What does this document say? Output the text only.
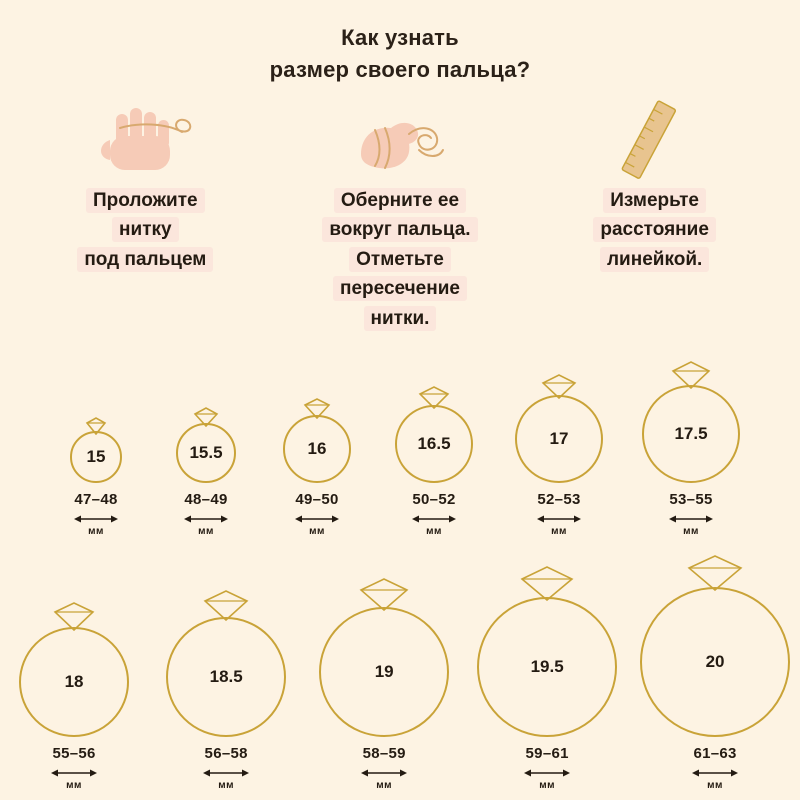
Как узнать
размер своего пальца?
Проложите
нитку
под пальцем
Оберните ее
вокруг пальца.
Отметьте
пересечение
нитки.
Измерьте
расстояние
линейкой.
15
47–48
мм
15.5
48–49
мм
16
49–50
мм
16.5
50–52
мм
17
52–53
мм
17.5
53–55
мм
18
55–56
мм
18.5
56–58
мм
19
58–59
мм
19.5
59–61
мм
20
61–63
мм
